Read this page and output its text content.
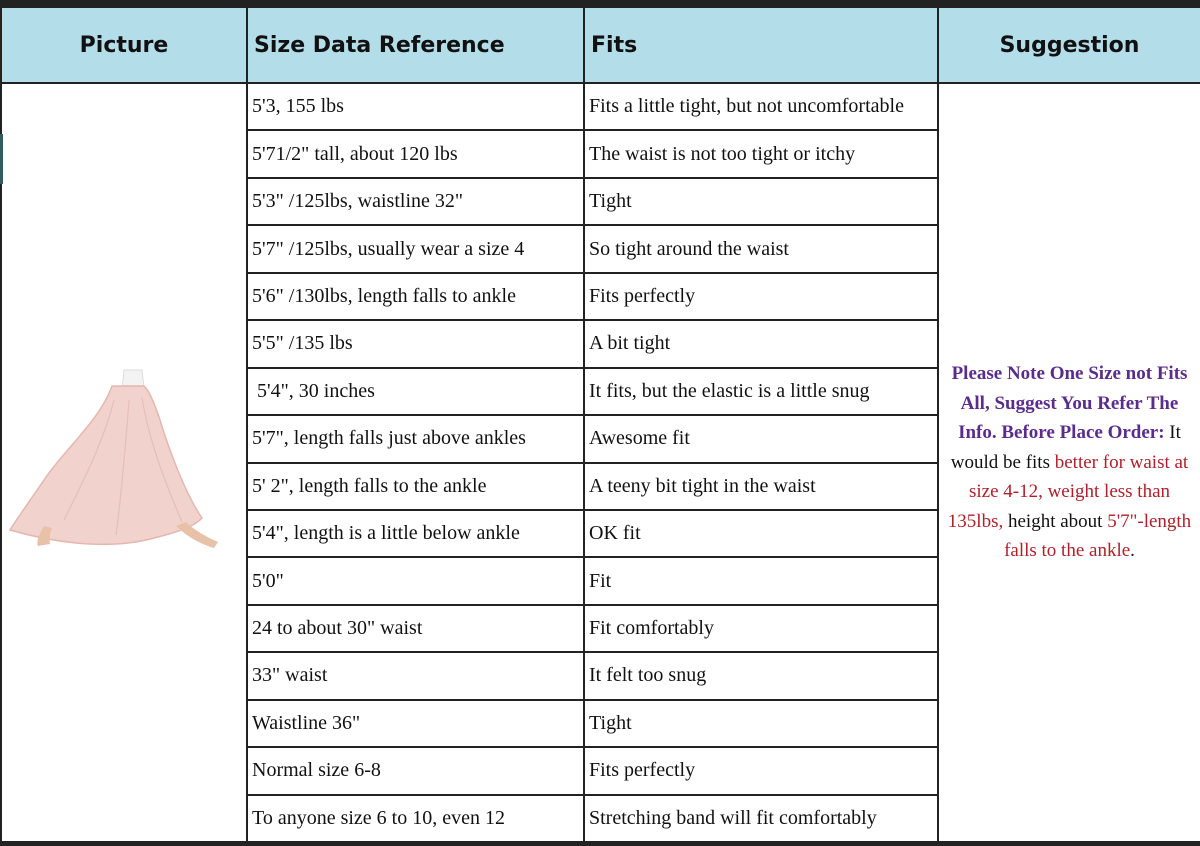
Picture	Size Data Reference	Fits	Suggestion
	5'3, 155 lbs	Fits a little tight, but not uncomfortable	Please Note One Size not Fits All, Suggest You Refer The Info. Before Place Order: It would be fits better for waist at size 4-12, weight less than 135lbs, height about 5'7"-length falls to the ankle.
	5'71/2" tall, about 120 lbs	The waist is not too tight or itchy	
	5'3" /125lbs, waistline 32"	Tight	
	5'7" /125lbs, usually wear a size 4	So tight around the waist	
	5'6" /130lbs, length falls to ankle	Fits perfectly	
	5'5" /135 lbs	A bit tight	
	5'4", 30 inches	It fits, but the elastic is a little snug	
	5'7", length falls just above ankles	Awesome fit	
	5' 2", length falls to the ankle	A teeny bit tight in the waist	
	5'4", length is a little below ankle	OK fit	
	5'0"	Fit	
	24 to about 30" waist	Fit comfortably	
	33" waist	It felt too snug	
	Waistline 36"	Tight	
	Normal size 6-8	Fits perfectly	
	To anyone size 6 to 10, even 12	Stretching band will fit comfortably	
